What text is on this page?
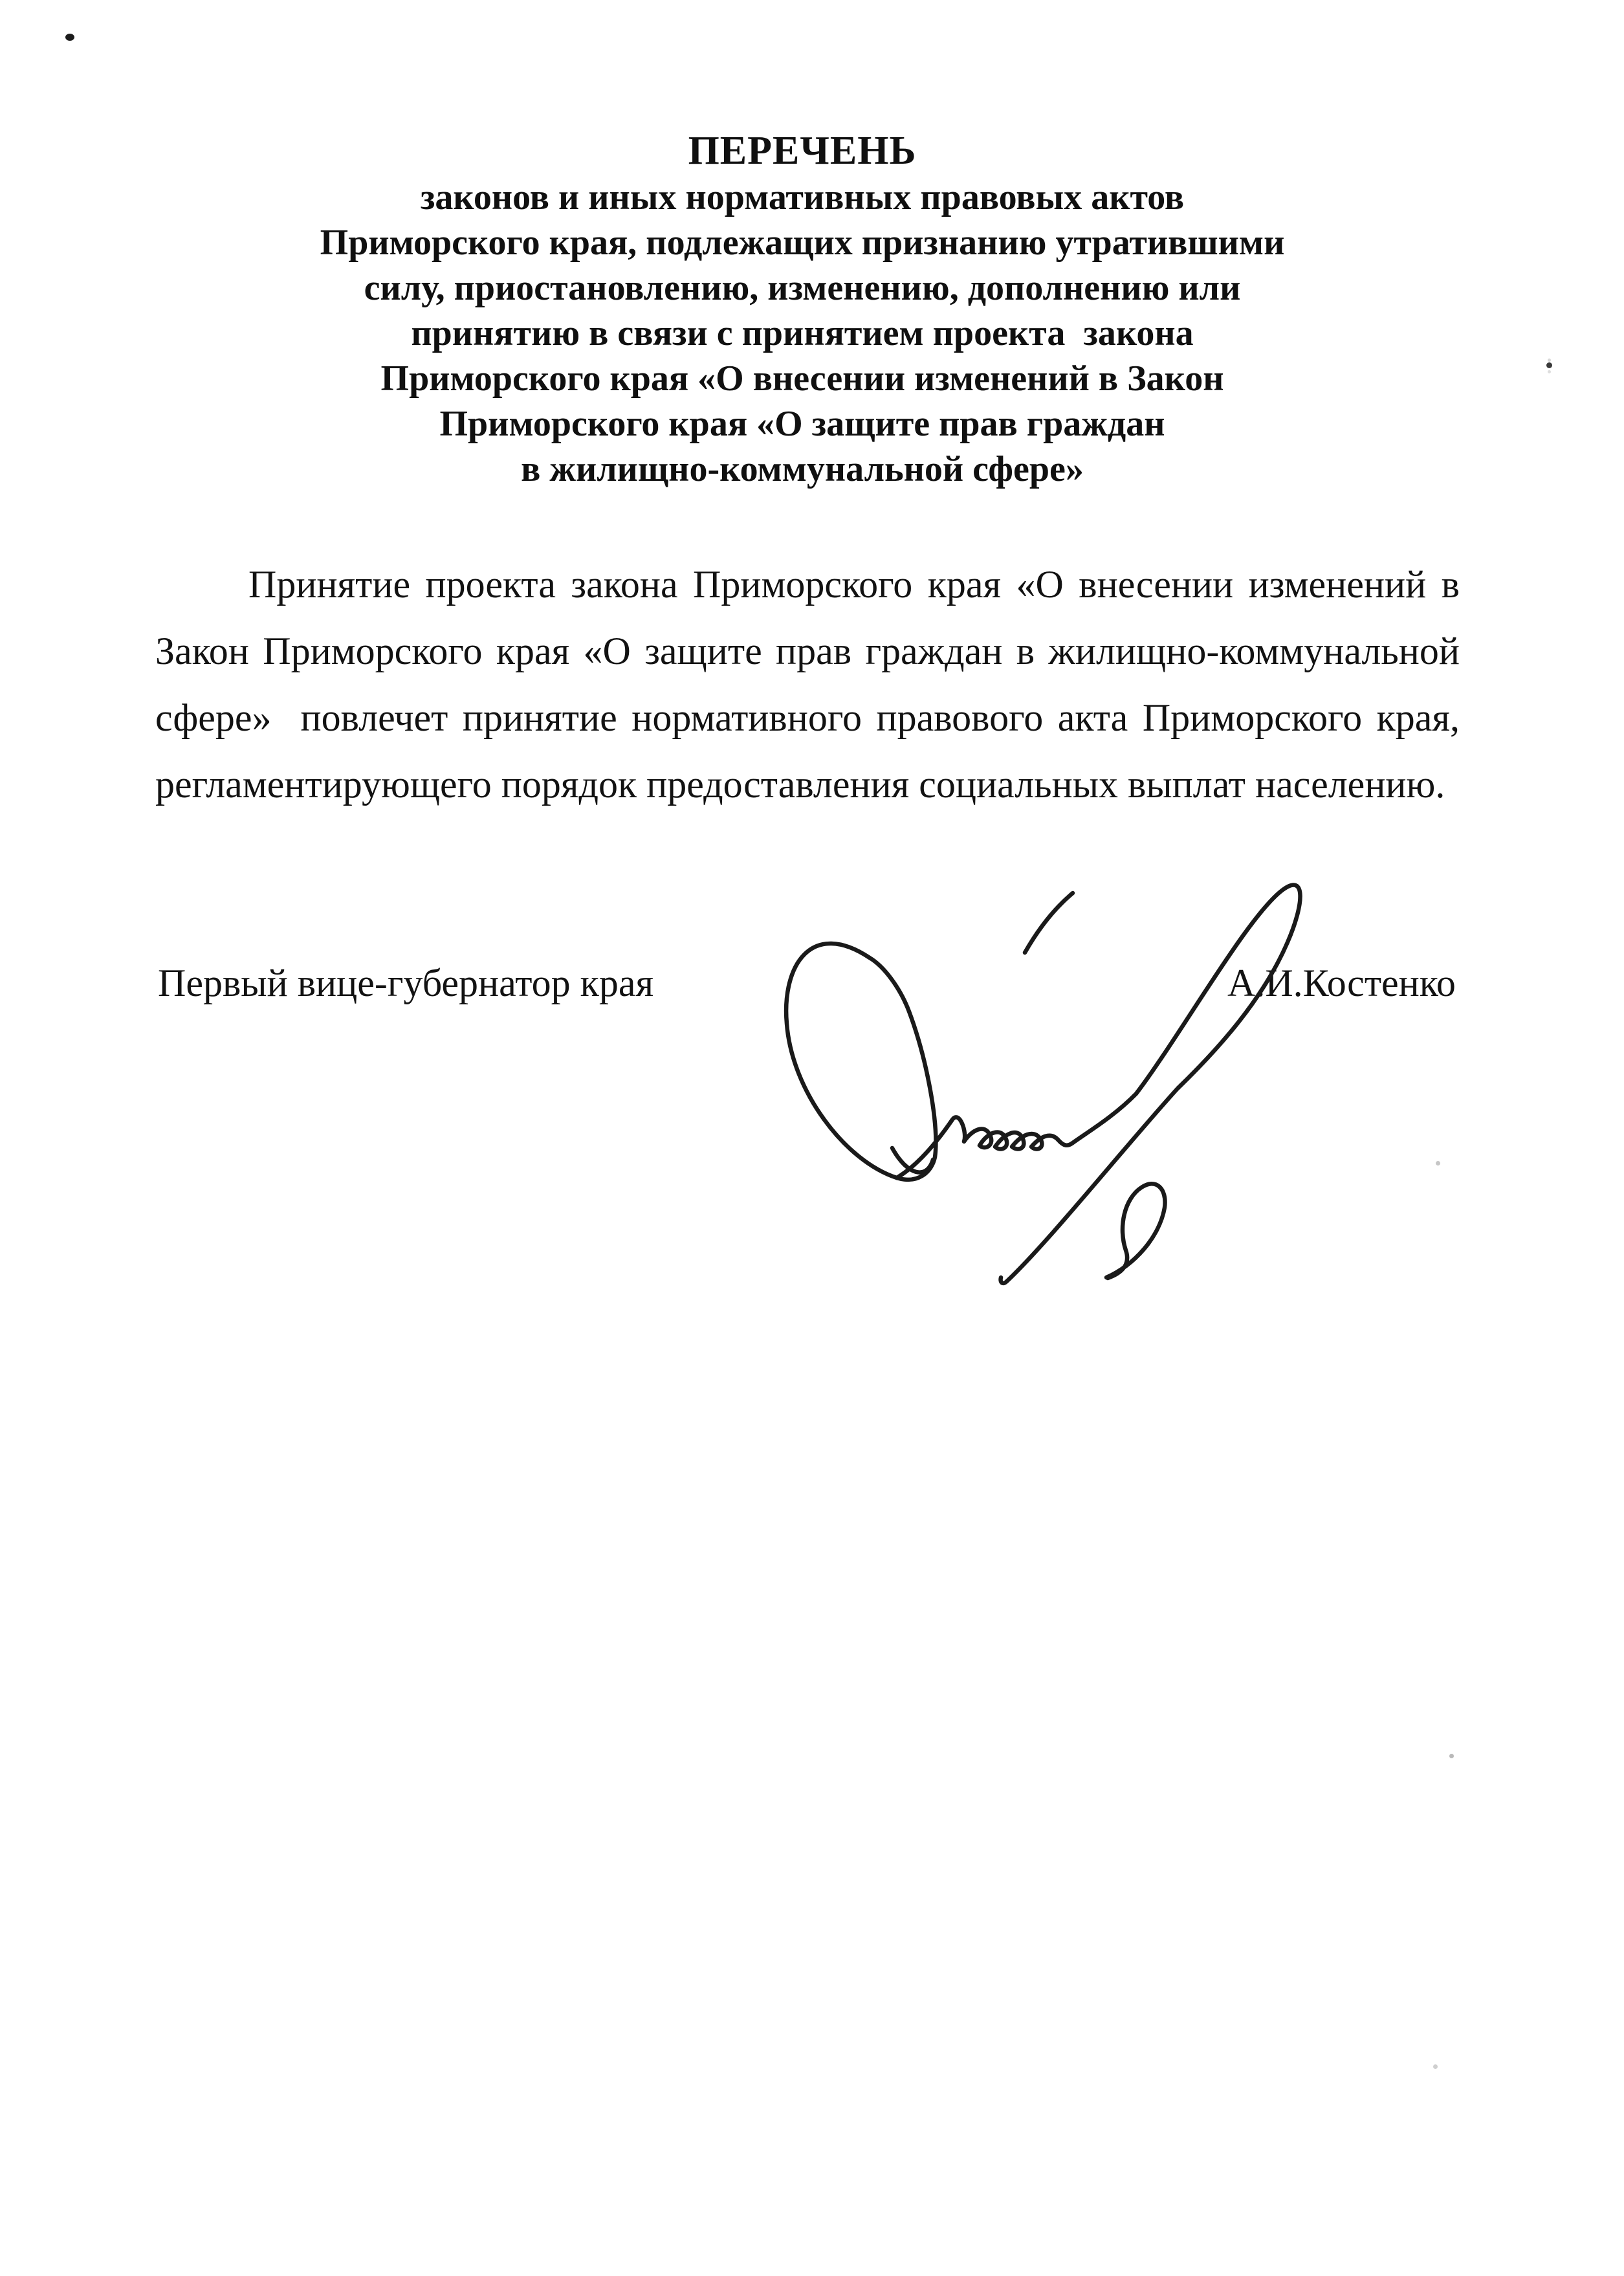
ПЕРЕЧЕНЬ
законов и иных нормативных правовых актов
Приморского края, подлежащих признанию утратившими
силу, приостановлению, изменению, дополнению или
принятию в связи с принятием проекта  закона
Приморского края «О внесении изменений в Закон
Приморского края «О защите прав граждан
в жилищно-коммунальной сфере»
Принятие проекта закона Приморского края «О внесении изменений в
Закон Приморского края «О защите прав граждан в жилищно-коммунальной
сфере»  повлечет принятие нормативного правового акта Приморского края,
регламентирующего порядок предоставления социальных выплат населению.
Первый вице-губернатор края	А.И.Костенко
